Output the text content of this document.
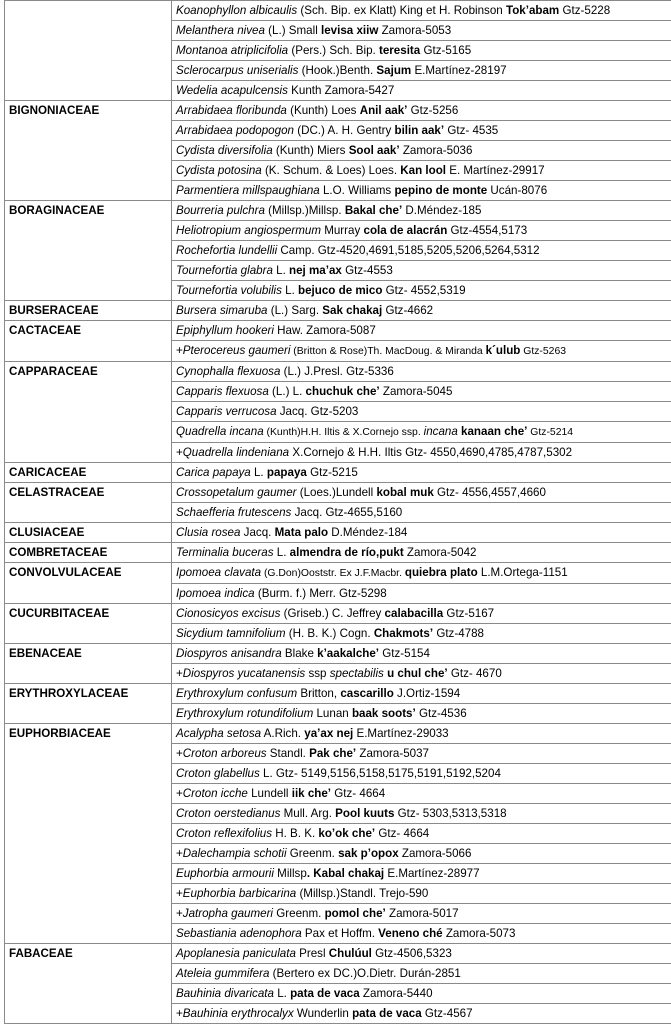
	Koanophyllon albicaulis (Sch. Bip. ex Klatt) King et H. Robinson Tok’abam Gtz-5228
	Melanthera nivea (L.) Small levisa xiiw Zamora-5053
	Montanoa atriplicifolia (Pers.) Sch. Bip. teresita Gtz-5165
	Sclerocarpus uniserialis (Hook.)Benth. Sajum E.Martínez-28197
	Wedelia acapulcensis Kunth Zamora-5427
BIGNONIACEAE	Arrabidaea floribunda (Kunth) Loes Anil aak’ Gtz-5256
	Arrabidaea podopogon (DC.) A. H. Gentry bilin aak’ Gtz- 4535
	Cydista diversifolia (Kunth) Miers Sool aak’ Zamora-5036
	Cydista potosina (K. Schum. & Loes) Loes. Kan lool E. Martínez-29917
	Parmentiera millspaughiana L.O. Williams pepino de monte Ucán-8076
BORAGINACEAE	Bourreria pulchra (Millsp.)Millsp. Bakal che’ D.Méndez-185
	Heliotropium angiospermum Murray cola de alacrán Gtz-4554,5173
	Rochefortia lundellii Camp. Gtz-4520,4691,5185,5205,5206,5264,5312
	Tournefortia glabra L. nej ma’ax Gtz-4553
	Tournefortia volubilis L. bejuco de mico Gtz- 4552,5319
BURSERACEAE	Bursera simaruba (L.) Sarg. Sak chakaj Gtz-4662
CACTACEAE	Epiphyllum hookeri Haw. Zamora-5087
	+Pterocereus gaumeri (Britton & Rose)Th. MacDoug. & Miranda k´ulub Gtz-5263
CAPPARACEAE	Cynophalla flexuosa (L.) J.Presl. Gtz-5336
	Capparis flexuosa (L.) L. chuchuk che’ Zamora-5045
	Capparis verrucosa Jacq. Gtz-5203
	Quadrella incana (Kunth)H.H. Iltis & X.Cornejo ssp. incana kanaan che’ Gtz-5214
	+Quadrella lindeniana X.Cornejo & H.H. Iltis Gtz- 4550,4690,4785,4787,5302
CARICACEAE	Carica papaya L. papaya Gtz-5215
CELASTRACEAE	Crossopetalum gaumer (Loes.)Lundell kobal muk Gtz- 4556,4557,4660
	Schaefferia frutescens Jacq. Gtz-4655,5160
CLUSIACEAE	Clusia rosea Jacq. Mata palo D.Méndez-184
COMBRETACEAE	Terminalia buceras L. almendra de río,pukt Zamora-5042
CONVOLVULACEAE	Ipomoea clavata (G.Don)Ooststr. Ex J.F.Macbr. quiebra plato L.M.Ortega-1151
	Ipomoea indica (Burm. f.) Merr. Gtz-5298
CUCURBITACEAE	Cionosicyos excisus (Griseb.) C. Jeffrey calabacilla Gtz-5167
	Sicydium tamnifolium (H. B. K.) Cogn. Chakmots’ Gtz-4788
EBENACEAE	Diospyros anisandra Blake k’aakalche’ Gtz-5154
	+Diospyros yucatanensis ssp spectabilis u chul che’ Gtz- 4670
ERYTHROXYLACEAE	Erythroxylum confusum Britton, cascarillo J.Ortiz-1594
	Erythroxylum rotundifolium Lunan baak soots’ Gtz-4536
EUPHORBIACEAE	Acalypha setosa A.Rich. ya’ax nej E.Martínez-29033
	+Croton arboreus Standl. Pak che’ Zamora-5037
	Croton glabellus L. Gtz- 5149,5156,5158,5175,5191,5192,5204
	+Croton icche Lundell iik che’ Gtz- 4664
	Croton oerstedianus Mull. Arg. Pool kuuts Gtz- 5303,5313,5318
	Croton reflexifolius H. B. K. ko’ok che’ Gtz- 4664
	+Dalechampia schotii Greenm. sak p’opox Zamora-5066
	Euphorbia armourii Millsp. Kabal chakaj E.Martínez-28977
	+Euphorbia barbicarina (Millsp.)Standl. Trejo-590
	+Jatropha gaumeri Greenm. pomol che’ Zamora-5017
	Sebastiania adenophora Pax et Hoffm. Veneno ché Zamora-5073
FABACEAE	Apoplanesia paniculata Presl Chulúul Gtz-4506,5323
	Ateleia gummifera (Bertero ex DC.)O.Dietr. Durán-2851
	Bauhinia divaricata L. pata de vaca Zamora-5440
	+Bauhinia erythrocalyx Wunderlin pata de vaca Gtz-4567
